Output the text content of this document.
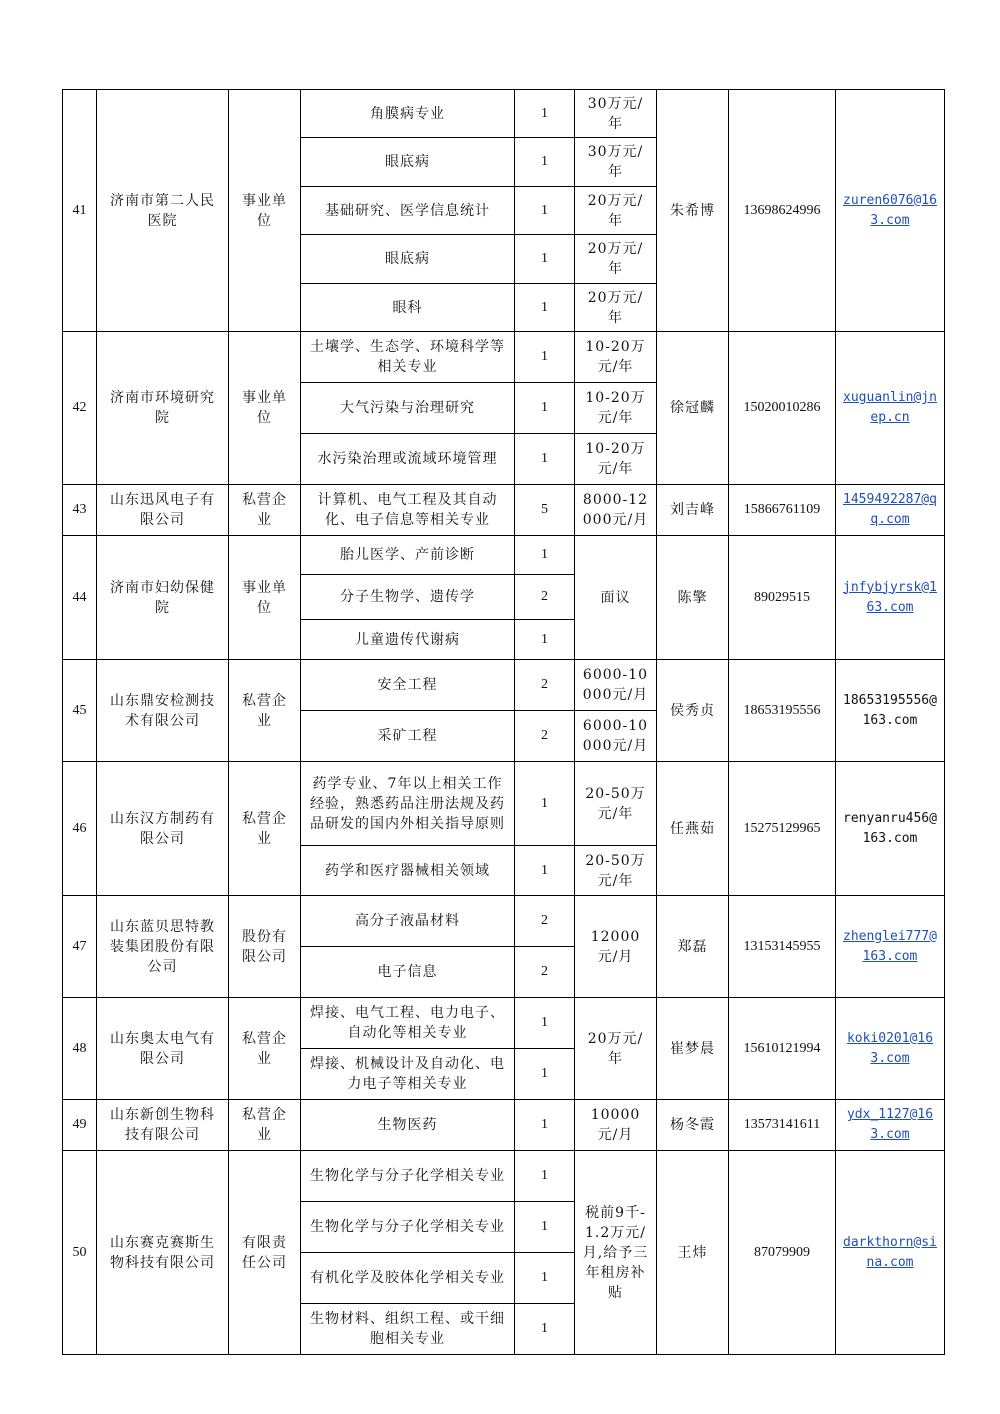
41	济南市第二人民医院	事业单位	角膜病专业	1	30万元/年	朱希博	13698624996	zuren6076@163.com
			眼底病	1	30万元/年			
			基础研究、医学信息统计	1	20万元/年			
			眼底病	1	20万元/年			
			眼科	1	20万元/年			
42	济南市环境研究院	事业单位	土壤学、生态学、环境科学等相关专业	1	10-20万元/年	徐冠麟	15020010286	xuguanlin@jnep.cn
			大气污染与治理研究	1	10-20万元/年			
			水污染治理或流域环境管理	1	10-20万元/年			
43	山东迅风电子有限公司	私营企业	计算机、电气工程及其自动化、电子信息等相关专业	5	8000-12000元/月	刘吉峰	15866761109	1459492287@qq.com
44	济南市妇幼保健院	事业单位	胎儿医学、产前诊断	1	面议	陈擎	89029515	jnfybjyrsk@163.com
			分子生物学、遗传学	2				
			儿童遗传代谢病	1				
45	山东鼎安检测技术有限公司	私营企业	安全工程	2	6000-10000元/月	侯秀贞	18653195556	18653195556@163.com
			采矿工程	2	6000-10000元/月			
46	山东汉方制药有限公司	私营企业	药学专业、7年以上相关工作经验，熟悉药品注册法规及药品研发的国内外相关指导原则	1	20-50万元/年	任燕茹	15275129965	renyanru456@163.com
			药学和医疗器械相关领域	1	20-50万元/年			
47	山东蓝贝思特教装集团股份有限公司	股份有限公司	高分子液晶材料	2	12000元/月	郑磊	13153145955	zhenglei777@163.com
			电子信息	2				
48	山东奥太电气有限公司	私营企业	焊接、电气工程、电力电子、自动化等相关专业	1	20万元/年	崔梦晨	15610121994	koki0201@163.com
			焊接、机械设计及自动化、电力电子等相关专业	1				
49	山东新创生物科技有限公司	私营企业	生物医药	1	10000元/月	杨冬霞	13573141611	ydx_1127@163.com
50	山东赛克赛斯生物科技有限公司	有限责任公司	生物化学与分子化学相关专业	1	税前9千-1.2万元/月,给予三年租房补贴	王炜	87079909	darkthorn@sina.com
			生物化学与分子化学相关专业	1				
			有机化学及胶体化学相关专业	1				
			生物材料、组织工程、或干细胞相关专业	1				
